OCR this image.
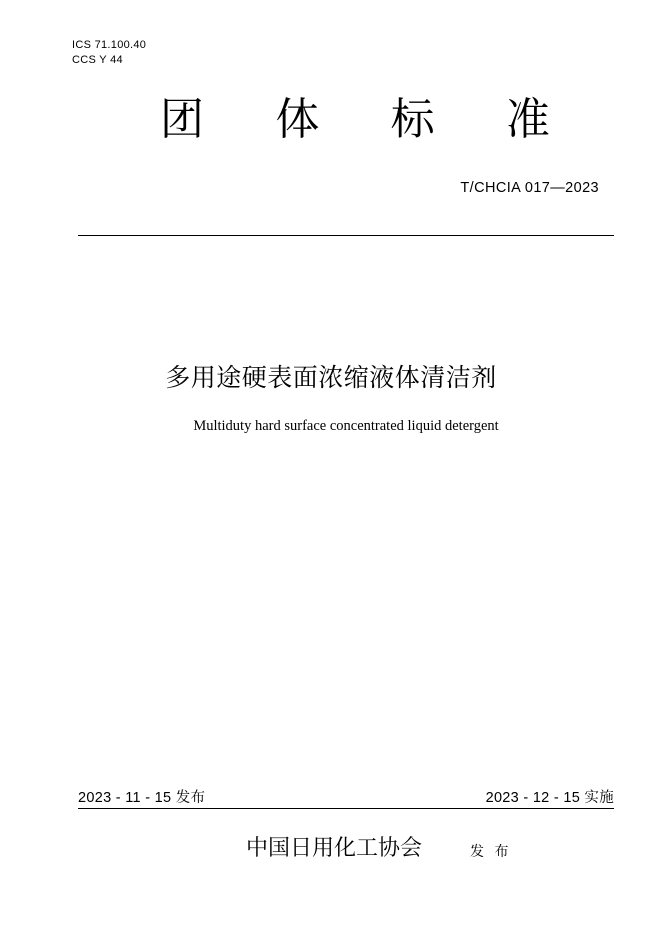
ICS 71.100.40
CCS Y 44
团 体 标 准
T/CHCIA 017—2023
多用途硬表面浓缩液体清洁剂
Multiduty hard surface concentrated liquid detergent
2023 - 11 - 15 发布	2023 - 12 - 15 实施
中国日用化工协会	发 布
